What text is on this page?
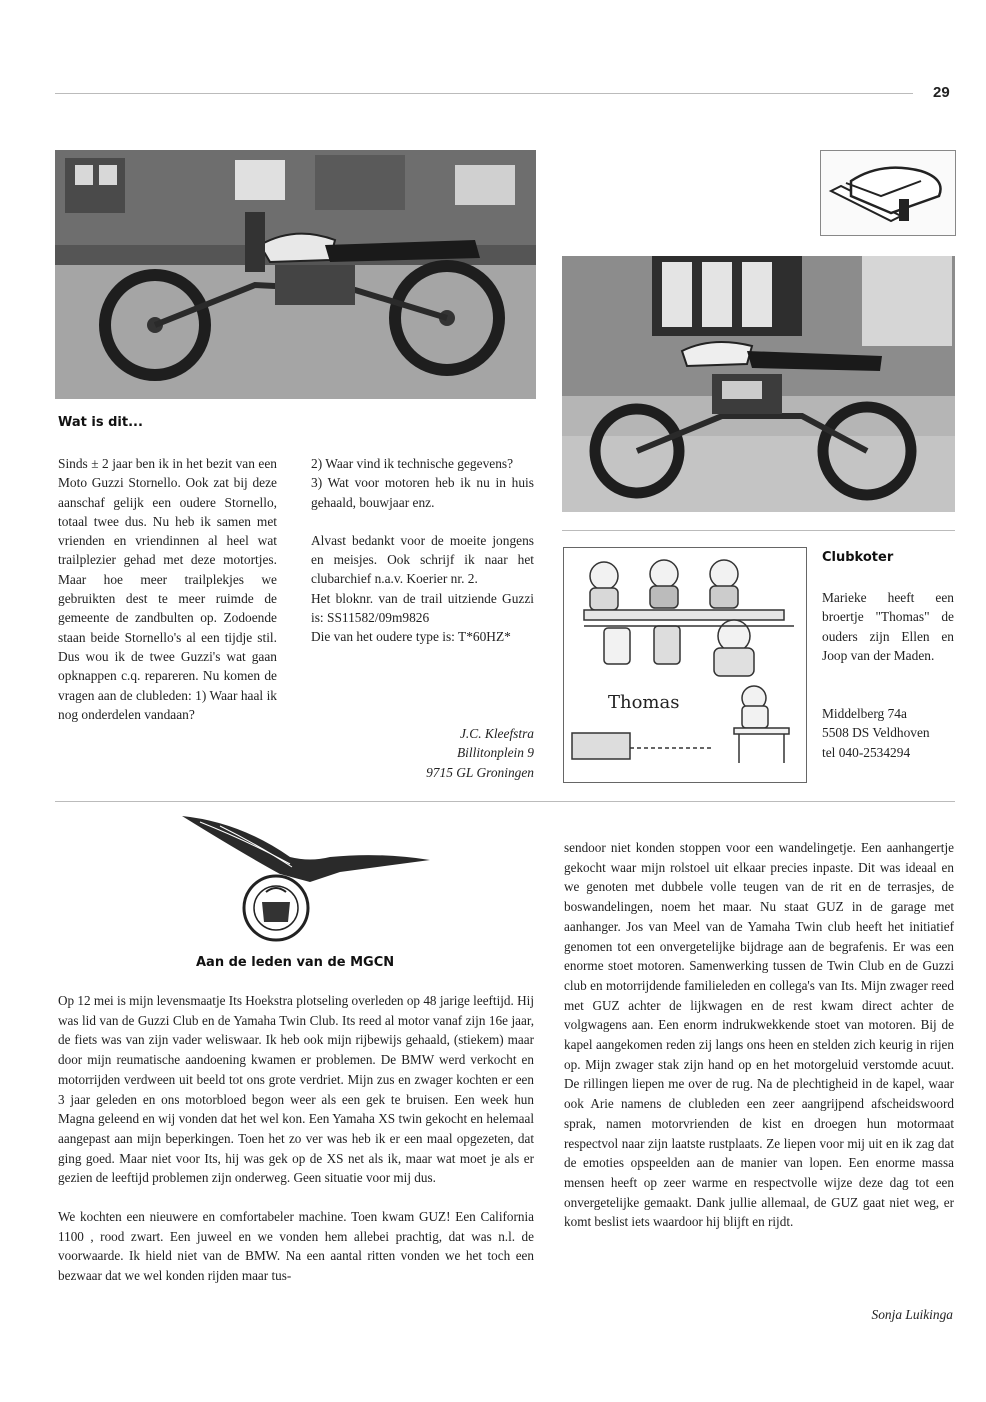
29
Wat is dit...

Sinds ± 2 jaar ben ik in het bezit van een Moto Guzzi Stornello. Ook zat bij deze aanschaf gelijk een oudere Stornello, totaal twee dus. Nu heb ik samen met vrienden en vriendinnen al heel wat trailplezier gehad met deze motortjes. Maar hoe meer trailplekjes we gebruikten dest te meer ruimde de gemeente de zandbulten op. Zodoende staan beide Stornello's al een tijdje stil. Dus wou ik de twee Guzzi's wat gaan opknappen c.q. repareren. Nu komen de vragen aan de clubleden: 1) Waar haal ik nog onderdelen vandaan?

2) Waar vind ik technische gegevens?

3) Wat voor motoren heb ik nu in huis gehaald, bouwjaar enz.

Alvast bedankt voor de moeite jongens en meisjes. Ook schrijf ik naar het clubarchief n.a.v. Koerier nr. 2.

Het bloknr. van de trail uitziende Guzzi is: SS11582/09m9826

Die van het oudere type is: T*60HZ*

J.C. Kleefstra
Billitonplein 9
9715 GL Groningen
Thomas
Clubkoter
Marieke heeft een broertje "Thomas" de ouders zijn Ellen en Joop van der Maden.
Middelberg 74a
5508 DS Veldhoven
tel 040-2534294
Aan de leden van de MGCN

Op 12 mei is mijn levensmaatje Its Hoekstra plotseling overleden op 48 jarige leeftijd. Hij was lid van de Guzzi Club en de Yamaha Twin Club. Its reed al motor vanaf zijn 16e jaar, de fiets was van zijn vader weliswaar. Ik heb ook mijn rijbewijs gehaald, (stiekem) maar door mijn reumatische aandoening kwamen er problemen. De BMW werd verkocht en motorrijden verdween uit beeld tot ons grote verdriet. Mijn zus en zwager kochten er een 3 jaar geleden en ons motorbloed begon weer als een gek te bruisen. Een week hun Magna geleend en wij vonden dat het wel kon. Een Yamaha XS twin gekocht en helemaal aangepast aan mijn beperkingen. Toen het zo ver was heb ik er een maal opgezeten, dat ging goed. Maar niet voor Its, hij was gek op de XS net als ik, maar wat moet je als er gezien de leeftijd problemen zijn onderweg. Geen situatie voor mij dus.

We kochten een nieuwere en comfortabeler machine. Toen kwam GUZ! Een California 1100 , rood zwart. Een juweel en we vonden hem allebei prachtig, dat was n.l. de voorwaarde. Ik hield niet van de BMW. Na een aantal ritten vonden we het toch een bezwaar dat we wel konden rijden maar tus-

sendoor niet konden stoppen voor een wandelingetje. Een aanhangertje gekocht waar mijn rolstoel uit elkaar precies inpaste. Dit was ideaal en we genoten met dubbele volle teugen van de rit en de terrasjes, de boswandelingen, noem het maar. Nu staat GUZ in de garage met aanhanger. Jos van Meel van de Yamaha Twin club heeft het initiatief genomen tot een onvergetelijke bijdrage aan de begrafenis. Er was een enorme stoet motoren. Samenwerking tussen de Twin Club en de Guzzi club en motorrijdende familieleden en collega's van Its. Mijn zwager reed met GUZ achter de lijkwagen en de rest kwam direct achter de volgwagens aan. Een enorm indrukwekkende stoet van motoren. Bij de kapel aangekomen reden zij langs ons heen en stelden zich keurig in rijen op. Mijn zwager stak zijn hand op en het motorgeluid verstomde acuut. De rillingen liepen me over de rug. Na de plechtigheid in de kapel, waar ook Arie namens de clubleden een zeer aangrijpend afscheidswoord sprak, namen motorvrienden de kist en droegen hun motormaat respectvol naar zijn laatste rustplaats. Ze liepen voor mij uit en ik zag dat de emoties opspeelden aan de manier van lopen. Een enorme massa mensen heeft op zeer warme en respectvolle wijze deze dag tot een onvergetelijke gemaakt. Dank jullie allemaal, de GUZ gaat niet weg, er komt beslist iets waardoor hij blijft en rijdt.

Sonja Luikinga
